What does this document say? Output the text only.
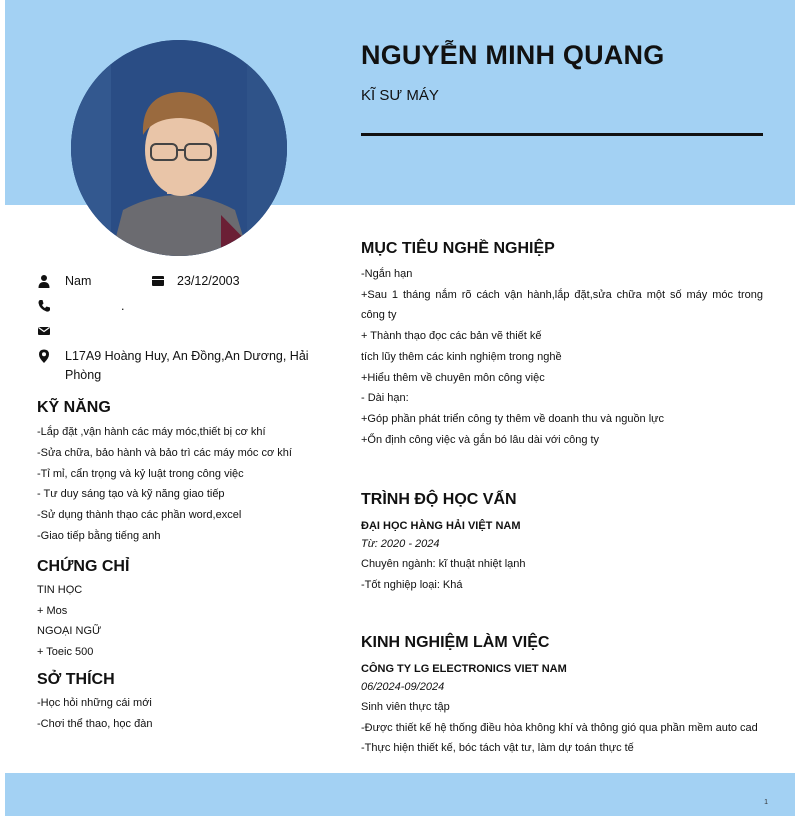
NGUYỄN MINH QUANG
KĨ SƯ MÁY
Nam	23/12/2003
.
L17A9 Hoàng Huy, An Đồng,An Dương, Hải Phòng
KỸ NĂNG
-Lắp đặt ,vận hành các máy móc,thiết bị cơ khí
-Sửa chữa, bảo hành và bảo trì các máy móc cơ khí
-Tỉ mỉ, cẩn trọng và kỷ luật trong công việc
- Tư duy sáng tạo và kỹ năng giao tiếp
-Sử dụng thành thạo các phần word,excel
-Giao tiếp bằng tiếng anh
CHỨNG CHỈ
TIN HỌC
+ Mos
NGOẠI NGỮ
+ Toeic 500
SỞ THÍCH
-Học hỏi những cái mới
-Chơi thể thao, học đàn
MỤC TIÊU NGHỀ NGHIỆP
-Ngắn hạn
+Sau 1 tháng nắm rõ cách vận hành,lắp đặt,sửa chữa một số máy móc trong công ty
+ Thành thạo đọc các bản vẽ thiết kế
tích lũy thêm các kinh nghiệm trong nghề
+Hiểu thêm về chuyên môn công việc
- Dài hạn:
+Góp phần phát triển công ty thêm về doanh thu và nguồn lực
+Ổn định công việc và gắn bó lâu dài với công ty
TRÌNH ĐỘ HỌC VẤN
ĐẠI HỌC HÀNG HẢI VIỆT NAM
Từ: 2020 - 2024
Chuyên ngành: kĩ thuật nhiệt lạnh
-Tốt nghiệp loại: Khá
KINH NGHIỆM LÀM VIỆC
CÔNG TY LG ELECTRONICS VIET NAM
06/2024-09/2024
Sinh viên thực tập
-Được thiết kế hệ thống điều hòa không khí và thông gió qua phần mềm auto cad
-Thực hiện thiết kế, bóc tách vật tư, làm dự toán thực tế
1
